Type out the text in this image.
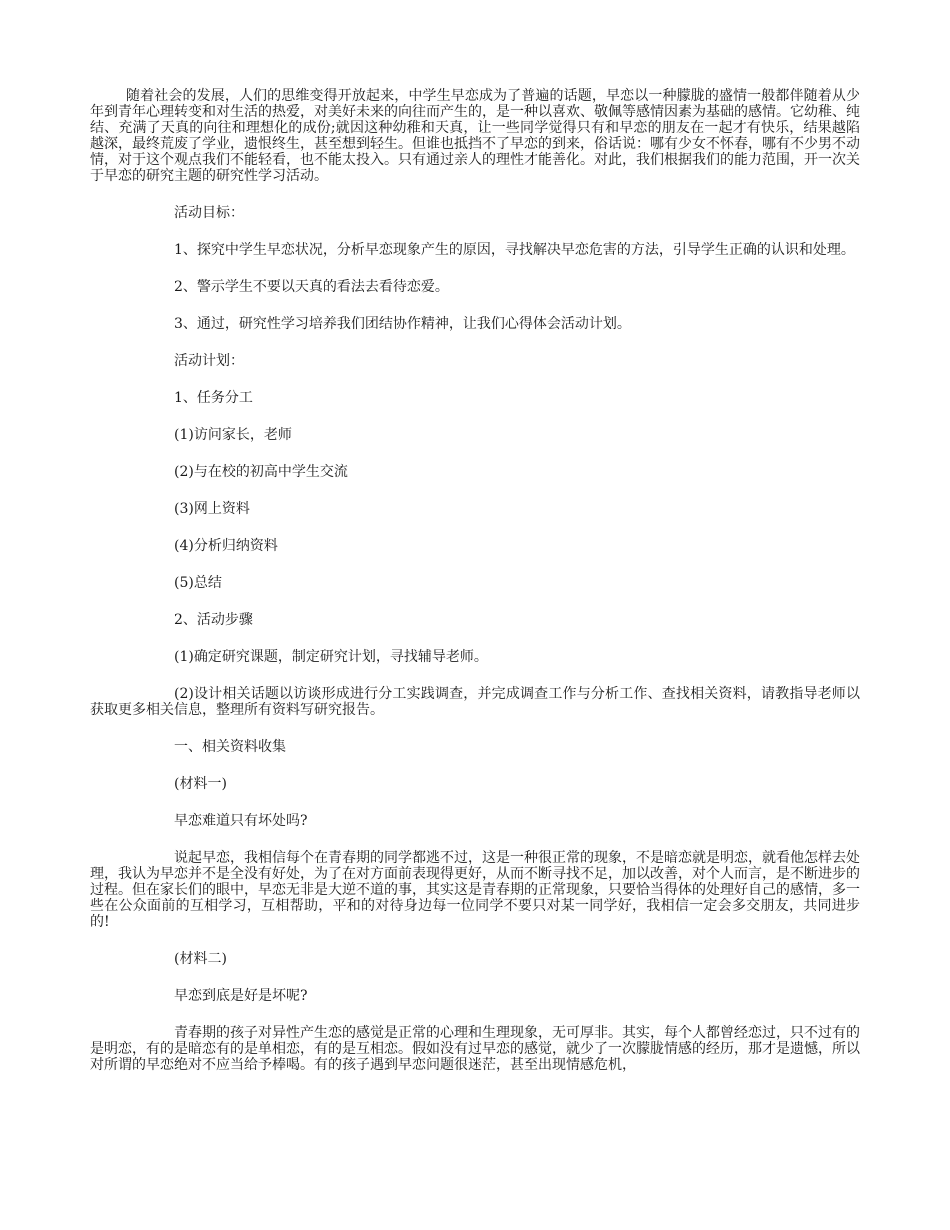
随着社会的发展，人们的思维变得开放起来，中学生早恋成为了普遍的话题，早恋以一种朦胧的盛情一般都伴随着从少年到青年心理转变和对生活的热爱，对美好未来的向往而产生的，是一种以喜欢、敬佩等感情因素为基础的感情。它幼稚、纯结、充满了天真的向往和理想化的成份;就因这种幼稚和天真，让一些同学觉得只有和早恋的朋友在一起才有快乐，结果越陷越深，最终荒废了学业，遗恨终生，甚至想到轻生。但谁也抵挡不了早恋的到来，俗话说：哪有少女不怀春，哪有不少男不动情，对于这个观点我们不能轻看，也不能太投入。只有通过亲人的理性才能善化。对此，我们根据我们的能力范围，开一次关于早恋的研究主题的研究性学习活动。

活动目标：

1、探究中学生早恋状况，分析早恋现象产生的原因，寻找解决早恋危害的方法，引导学生正确的认识和处理。

2、警示学生不要以天真的看法去看待恋爱。

3、通过，研究性学习培养我们团结协作精神，让我们心得体会活动计划。

活动计划：

1、任务分工

(1)访问家长，老师

(2)与在校的初高中学生交流

(3)网上资料

(4)分析归纳资料

(5)总结

2、活动步骤

(1)确定研究课题，制定研究计划，寻找辅导老师。

(2)设计相关话题以访谈形成进行分工实践调查，并完成调查工作与分析工作、查找相关资料，请教指导老师以获取更多相关信息，整理所有资料写研究报告。

一、相关资料收集

(材料一)

早恋难道只有坏处吗?

说起早恋，我相信每个在青春期的同学都逃不过，这是一种很正常的现象，不是暗恋就是明恋，就看他怎样去处理，我认为早恋并不是全没有好处，为了在对方面前表现得更好，从而不断寻找不足，加以改善，对个人而言，是不断进步的过程。但在家长们的眼中，早恋无非是大逆不道的事，其实这是青春期的正常现象，只要恰当得体的处理好自己的感情，多一些在公众面前的互相学习，互相帮助，平和的对待身边每一位同学不要只对某一同学好，我相信一定会多交朋友，共同进步的!

(材料二)

早恋到底是好是坏呢?

青春期的孩子对异性产生恋的感觉是正常的心理和生理现象，无可厚非。其实，每个人都曾经恋过，只不过有的是明恋，有的是暗恋有的是单相恋，有的是互相恋。假如没有过早恋的感觉，就少了一次朦胧情感的经历，那才是遗憾，所以对所谓的早恋绝对不应当给予棒喝。有的孩子遇到早恋问题很迷茫，甚至出现情感危机，
